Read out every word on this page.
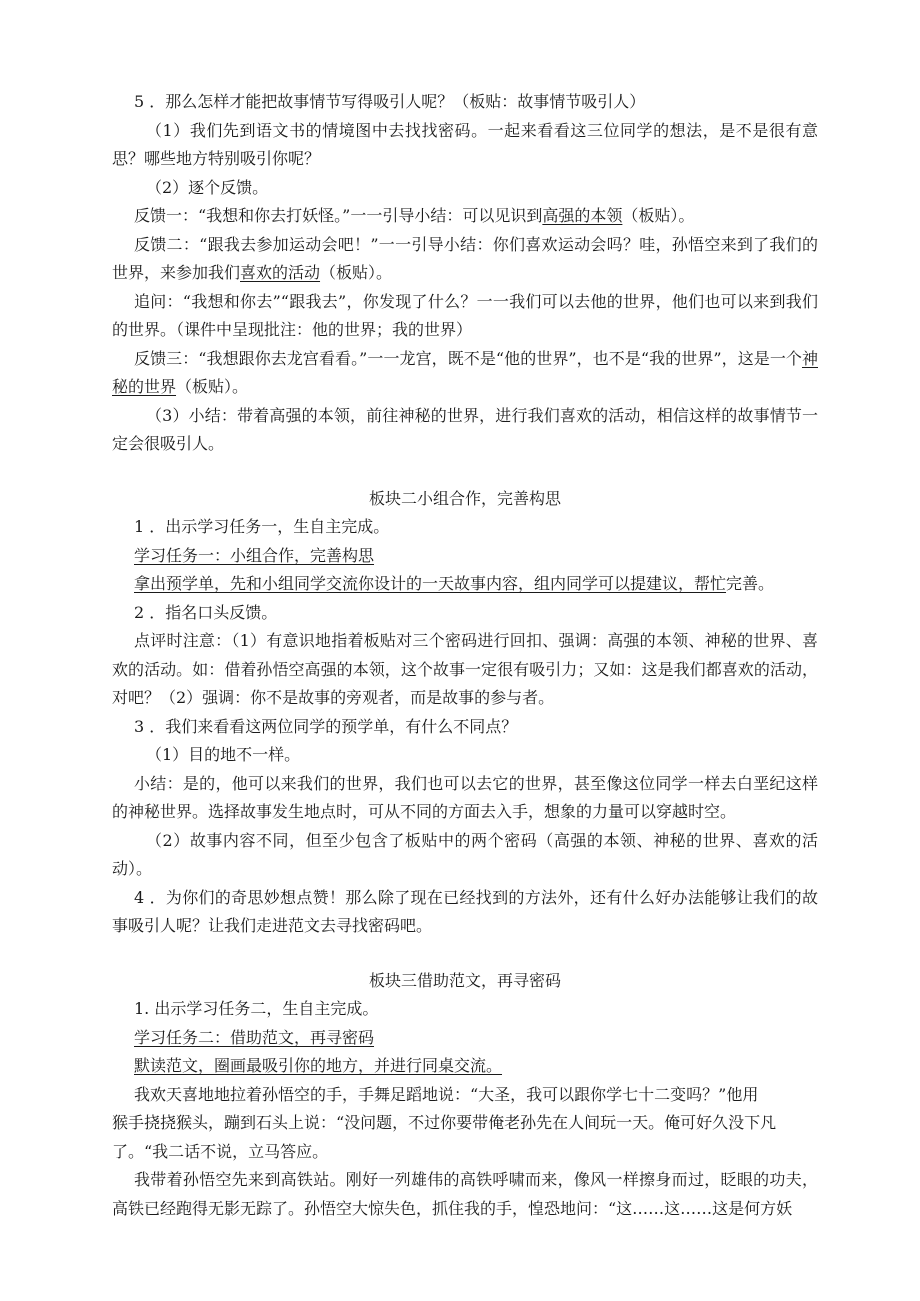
5 ．那么怎样才能把故事情节写得吸引人呢？（板贴：故事情节吸引人）

（1）我们先到语文书的情境图中去找找密码。一起来看看这三位同学的想法，是不是很有意思？哪些地方特别吸引你呢？

（2）逐个反馈。

反馈一：“我想和你去打妖怪。”一一引导小结：可以见识到高强的本领（板贴）。

反馈二：“跟我去参加运动会吧！”一一引导小结：你们喜欢运动会吗？哇，孙悟空来到了我们的世界，来参加我们喜欢的活动（板贴）。

追问：“我想和你去”“跟我去”，你发现了什么？一一我们可以去他的世界，他们也可以来到我们的世界。（课件中呈现批注：他的世界；我的世界）

反馈三：“我想跟你去龙宫看看。”一一龙宫，既不是“他的世界”，也不是“我的世界”，这是一个神秘的世界（板贴）。

（3）小结：带着高强的本领，前往神秘的世界，进行我们喜欢的活动，相信这样的故事情节一定会很吸引人。

板块二小组合作，完善构思

1 ．出示学习任务一，生自主完成。

学习任务一：小组合作，完善构思

拿出预学单，先和小组同学交流你设计的一天故事内容，组内同学可以提建议，帮忙完善。

2 ．指名口头反馈。

点评时注意：（1）有意识地指着板贴对三个密码进行回扣、强调：高强的本领、神秘的世界、喜欢的活动。如：借着孙悟空高强的本领，这个故事一定很有吸引力；又如：这是我们都喜欢的活动，对吧？（2）强调：你不是故事的旁观者，而是故事的参与者。

3 ．我们来看看这两位同学的预学单，有什么不同点？

（1）目的地不一样。

小结：是的，他可以来我们的世界，我们也可以去它的世界，甚至像这位同学一样去白垩纪这样的神秘世界。选择故事发生地点时，可从不同的方面去入手，想象的力量可以穿越时空。

（2）故事内容不同，但至少包含了板贴中的两个密码（高强的本领、神秘的世界、喜欢的活动）。

4 ．为你们的奇思妙想点赞！那么除了现在已经找到的方法外，还有什么好办法能够让我们的故事吸引人呢？让我们走进范文去寻找密码吧。

板块三借助范文，再寻密码

1. 出示学习任务二，生自主完成。

学习任务二：借助范文，再寻密码

默读范文，圈画最吸引你的地方，并进行同桌交流。

我欢天喜地地拉着孙悟空的手，手舞足蹈地说：“大圣，我可以跟你学七十二变吗？”他用

猴手挠挠猴头，蹦到石头上说：“没问题，不过你要带俺老孙先在人间玩一天。俺可好久没下凡

了。“我二话不说，立马答应。

我带着孙悟空先来到高铁站。刚好一列雄伟的高铁呼啸而来，像风一样擦身而过，眨眼的功夫，高铁已经跑得无影无踪了。孙悟空大惊失色，抓住我的手，惶恐地问：“这……这……这是何方妖
